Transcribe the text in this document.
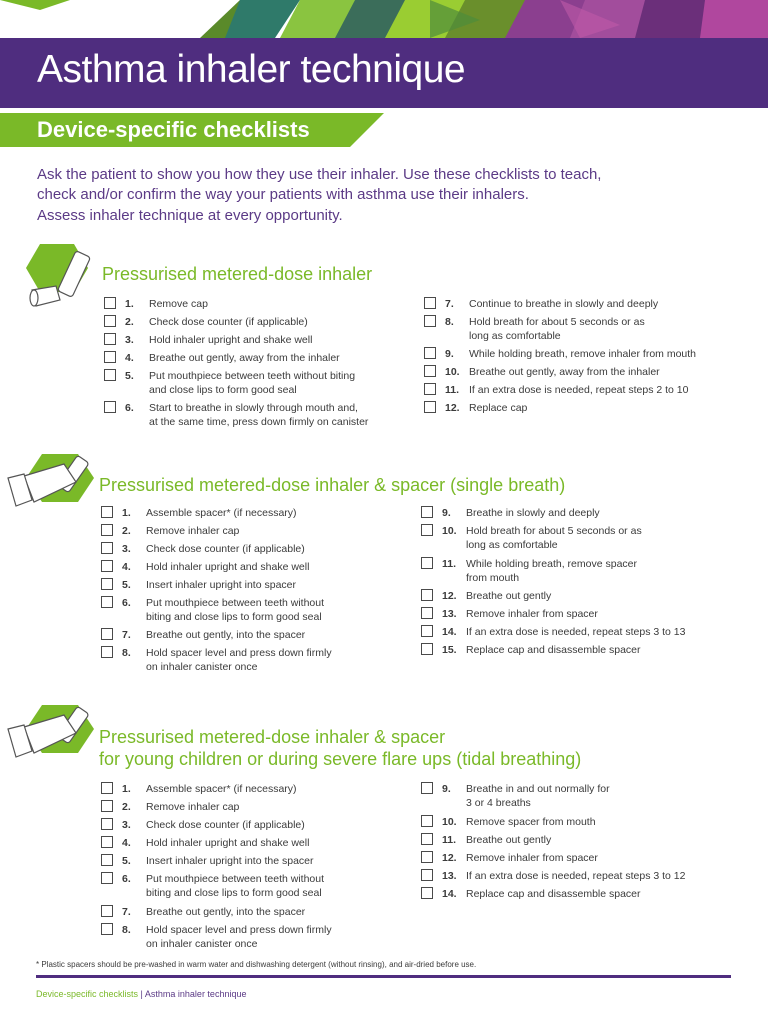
Asthma inhaler technique
Device-specific checklists
Ask the patient to show you how they use their inhaler. Use these checklists to teach,
check and/or confirm the way your patients with asthma use their inhalers.
Assess inhaler technique at every opportunity.
Pressurised metered-dose inhaler
Pressurised metered-dose inhaler & spacer (single breath)
Pressurised metered-dose inhaler & spacer
for young children or during severe flare ups (tidal breathing)
1. Remove cap
2. Check dose counter (if applicable)
3. Hold inhaler upright and shake well
4. Breathe out gently, away from the inhaler
5. Put mouthpiece between teeth without biting
and close lips to form good seal
6. Start to breathe in slowly through mouth and,
at the same time, press down firmly on canister
7. Continue to breathe in slowly and deeply
8. Hold breath for about 5 seconds or as
long as comfortable
9. While holding breath, remove inhaler from mouth
10. Breathe out gently, away from the inhaler
11. If an extra dose is needed, repeat steps 2 to 10
12. Replace cap
1. Assemble spacer* (if necessary)
2. Remove inhaler cap
3. Check dose counter (if applicable)
4. Hold inhaler upright and shake well
5. Insert inhaler upright into spacer
6. Put mouthpiece between teeth without
biting and close lips to form good seal
7. Breathe out gently, into the spacer
8. Hold spacer level and press down firmly
on inhaler canister once
9. Breathe in slowly and deeply
10. Hold breath for about 5 seconds or as
long as comfortable
11. While holding breath, remove spacer
from mouth
12. Breathe out gently
13. Remove inhaler from spacer
14. If an extra dose is needed, repeat steps 3 to 13
15. Replace cap and disassemble spacer
1. Assemble spacer* (if necessary)
2. Remove inhaler cap
3. Check dose counter (if applicable)
4. Hold inhaler upright and shake well
5. Insert inhaler upright into the spacer
6. Put mouthpiece between teeth without
biting and close lips to form good seal
7. Breathe out gently, into the spacer
8. Hold spacer level and press down firmly
on inhaler canister once
9. Breathe in and out normally for
3 or 4 breaths
10. Remove spacer from mouth
11. Breathe out gently
12. Remove inhaler from spacer
13. If an extra dose is needed, repeat steps 3 to 12
14. Replace cap and disassemble spacer
* Plastic spacers should be pre-washed in warm water and dishwashing detergent (without rinsing), and air-dried before use.
Device-specific checklists | Asthma inhaler technique
